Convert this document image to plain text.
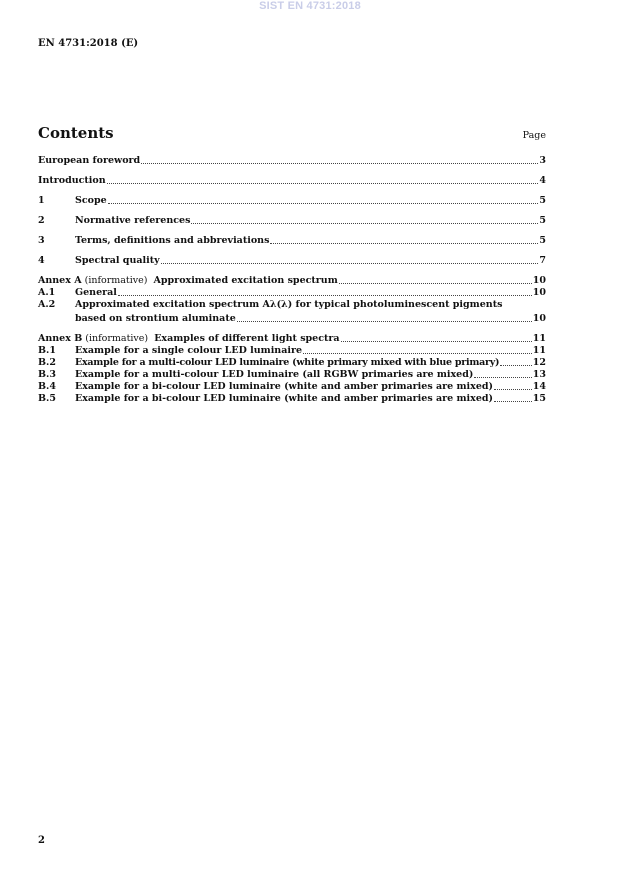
SIST EN 4731:2018
EN 4731:2018 (E)
Contents	Page
European foreword	3
Introduction	4
1	Scope	5
2	Normative references	5
3	Terms, definitions and abbreviations	5
4	Spectral quality	7
Annex A (informative) Approximated excitation spectrum	10
A.1	General	10
A.2	Approximated excitation spectrum Aλ(λ) for typical photoluminescent pigments
based on strontium aluminate	10
Annex B (informative) Examples of different light spectra	11
B.1	Example for a single colour LED luminaire	11
B.2	Example for a multi-colour LED luminaire (white primary mixed with blue primary)	12
B.3	Example for a multi-colour LED luminaire (all RGBW primaries are mixed)	13
B.4	Example for a bi-colour LED luminaire (white and amber primaries are mixed)	14
B.5	Example for a bi-colour LED luminaire (white and amber primaries are mixed)	15
2
